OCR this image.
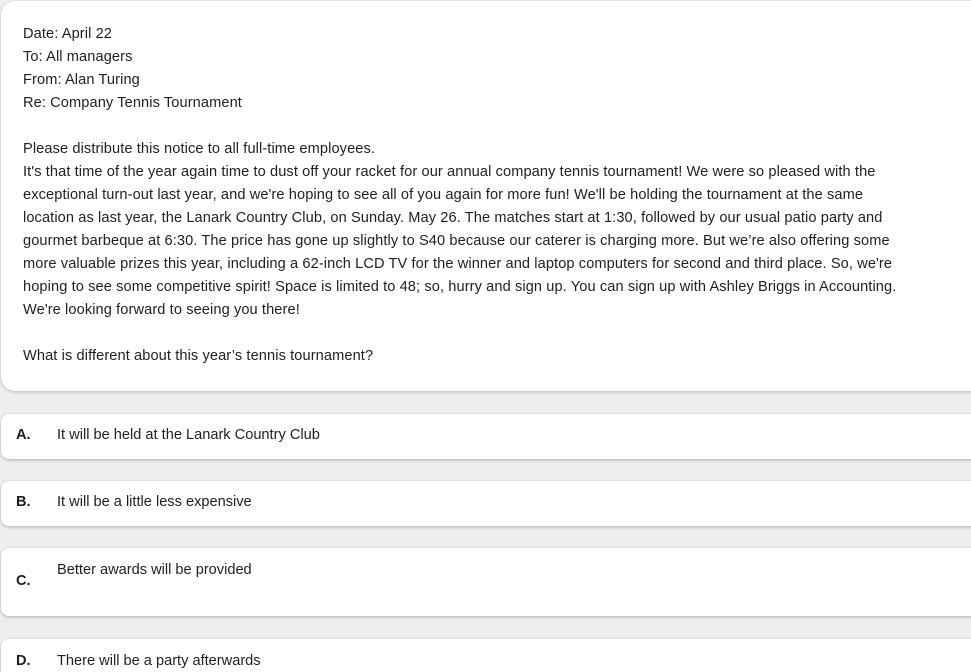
Date: April 22
To: All managers
From: Alan Turing
Re: Company Tennis Tournament
Please distribute this notice to all full-time employees.
It's that time of the year again time to dust off your racket for our annual company tennis tournament! We were so pleased with the
exceptional turn-out last year, and we're hoping to see all of you again for more fun! We'll be holding the tournament at the same
location as last year, the Lanark Country Club, on Sunday. May 26. The matches start at 1:30, followed by our usual patio party and
gourmet barbeque at 6:30. The price has gone up slightly to S40 because our caterer is charging more. But we’re also offering some
more valuable prizes this year, including a 62-inch LCD TV for the winner and laptop computers for second and third place. So, we're
hoping to see some competitive spirit! Space is limited to 48; so, hurry and sign up. You can sign up with Ashley Briggs in Accounting.
We're looking forward to seeing you there!
What is different about this year’s tennis tournament?
A. It will be held at the Lanark Country Club
B. It will be a little less expensive
C.
Better awards will be provided
D. There will be a party afterwards
